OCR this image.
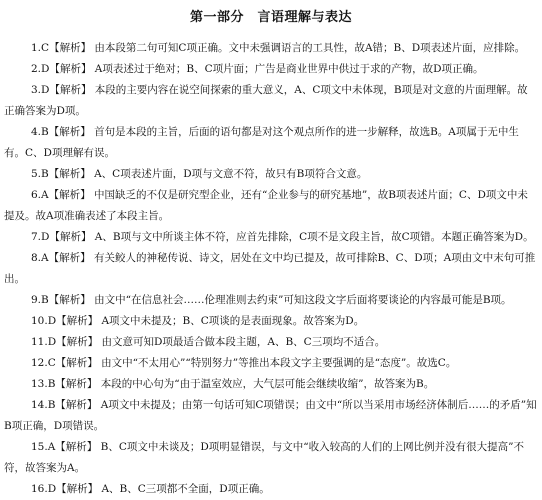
第一部分　言语理解与表达
1.C【解析】 由本段第二句可知C项正确。文中未强调语言的工具性，故A错；B、D项表述片面，应排除。
2.D【解析】 A项表述过于绝对；B、C项片面；广告是商业世界中供过于求的产物，故D项正确。
3.D【解析】 本段的主要内容在说空间探索的重大意义，A、C项文中未体现，B项是对文意的片面理解。故正确答案为D项。
4.B【解析】 首句是本段的主旨，后面的语句都是对这个观点所作的进一步解释，故选B。A项属于无中生有。C、D项理解有误。
5.B【解析】 A、C项表述片面，D项与文意不符，故只有B项符合文意。
6.A【解析】 中国缺乏的不仅是研究型企业，还有“企业参与的研究基地”，故B项表述片面；C、D项文中未提及。故A项准确表述了本段主旨。
7.D【解析】 A、B项与文中所谈主体不符，应首先排除，C项不是文段主旨，故C项错。本题正确答案为D。
8.A【解析】 有关鲛人的神秘传说、诗文，居处在文中均已提及，故可排除B、C、D项；A项由文中末句可推出。
9.B【解析】 由文中“在信息社会……伦理准则去约束”可知这段文字后面将要谈论的内容最可能是B项。
10.D【解析】 A项文中未提及；B、C项谈的是表面现象。故答案为D。
11.D【解析】 由文意可知D项最适合做本段主题，A、B、C三项均不适合。
12.C【解析】 由文中“不太用心”“特别努力”等推出本段文字主要强调的是“态度”。故选C。
13.B【解析】 本段的中心句为“由于温室效应，大气层可能会继续收缩”，故答案为B。
14.B【解析】 A项文中未提及；由第一句话可知C项错误；由文中“所以当采用市场经济体制后……的矛盾”知B项正确，D项错误。
15.A【解析】 B、C项文中未谈及；D项明显错误，与文中“收入较高的人们的上网比例并没有很大提高”不符，故答案为A。
16.D【解析】 A、B、C三项都不全面，D项正确。
